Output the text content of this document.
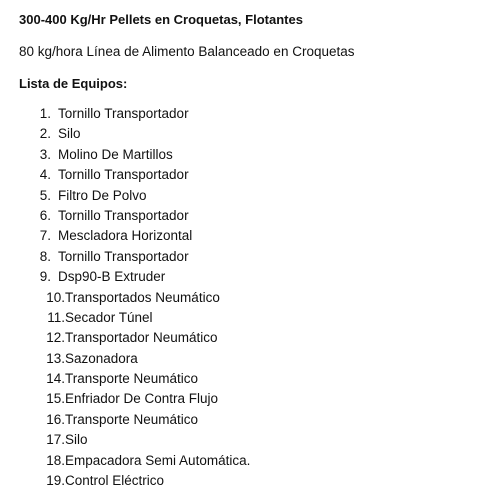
300-400 Kg/Hr Pellets en Croquetas, Flotantes
80 kg/hora Línea de Alimento Balanceado en Croquetas
Lista de Equipos:
1. Tornillo Transportador
2. Silo
3. Molino De Martillos
4. Tornillo Transportador
5. Filtro De Polvo
6. Tornillo Transportador
7. Mescladora Horizontal
8. Tornillo Transportador
9. Dsp90-B Extruder
10.Transportados Neumático
11.Secador Túnel
12.Transportador Neumático
13.Sazonadora
14.Transporte Neumático
15.Enfriador De Contra Flujo
16.Transporte Neumático
17.Silo
18.Empacadora Semi Automática.
19.Control Eléctrico
